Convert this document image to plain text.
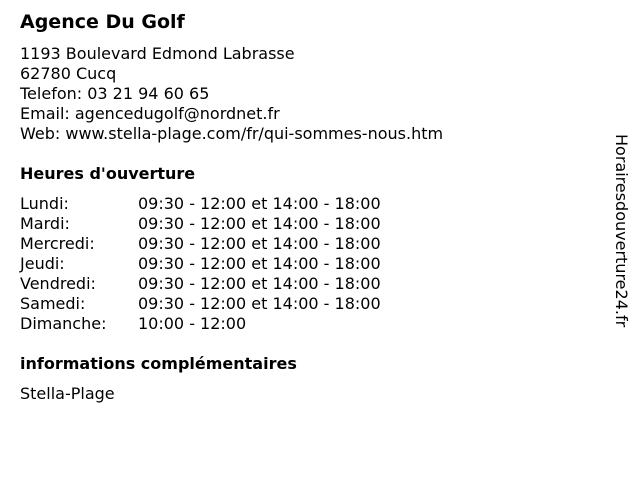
Agence Du Golf
1193 Boulevard Edmond Labrasse
62780 Cucq
Telefon: 03 21 94 60 65
Email: agencedugolf@nordnet.fr
Web: www.stella-plage.com/fr/qui-sommes-nous.htm
Heures d'ouverture
Lundi:	09:30 - 12:00 et 14:00 - 18:00
Mardi:	09:30 - 12:00 et 14:00 - 18:00
Mercredi:	09:30 - 12:00 et 14:00 - 18:00
Jeudi:	09:30 - 12:00 et 14:00 - 18:00
Vendredi:	09:30 - 12:00 et 14:00 - 18:00
Samedi:	09:30 - 12:00 et 14:00 - 18:00
Dimanche:	10:00 - 12:00
informations complémentaires
Stella-Plage
Horairesdouverture24.fr
